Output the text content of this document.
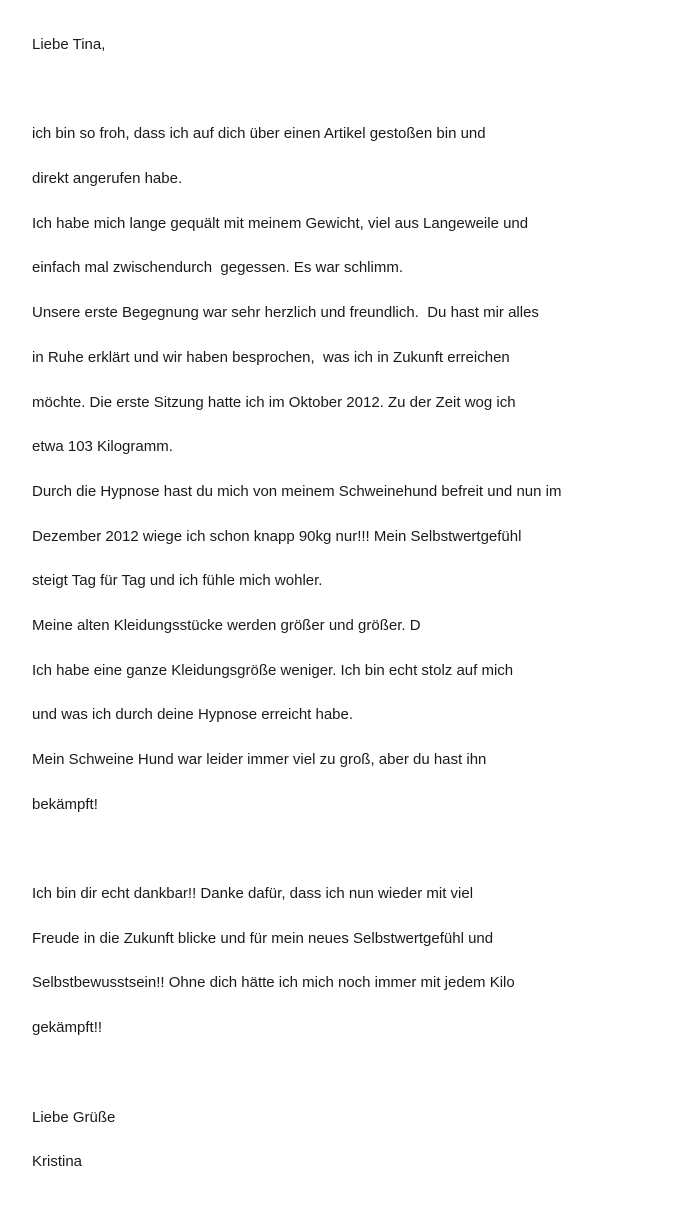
Liebe Tina,
ich bin so froh, dass ich auf dich über einen Artikel gestoßen bin und
direkt angerufen habe.
Ich habe mich lange gequält mit meinem Gewicht, viel aus Langeweile und
einfach mal zwischendurch  gegessen. Es war schlimm.
Unsere erste Begegnung war sehr herzlich und freundlich.  Du hast mir alles
in Ruhe erklärt und wir haben besprochen,  was ich in Zukunft erreichen
möchte. Die erste Sitzung hatte ich im Oktober 2012. Zu der Zeit wog ich
etwa 103 Kilogramm.
Durch die Hypnose hast du mich von meinem Schweinehund befreit und nun im
Dezember 2012 wiege ich schon knapp 90kg nur!!! Mein Selbstwertgefühl
steigt Tag für Tag und ich fühle mich wohler.
Meine alten Kleidungsstücke werden größer und größer. D
Ich habe eine ganze Kleidungsgröße weniger. Ich bin echt stolz auf mich
und was ich durch deine Hypnose erreicht habe.
Mein Schweine Hund war leider immer viel zu groß, aber du hast ihn
bekämpft!
Ich bin dir echt dankbar!! Danke dafür, dass ich nun wieder mit viel
Freude in die Zukunft blicke und für mein neues Selbstwertgefühl und
Selbstbewusstsein!! Ohne dich hätte ich mich noch immer mit jedem Kilo
gekämpft!!
Liebe Grüße
Kristina
